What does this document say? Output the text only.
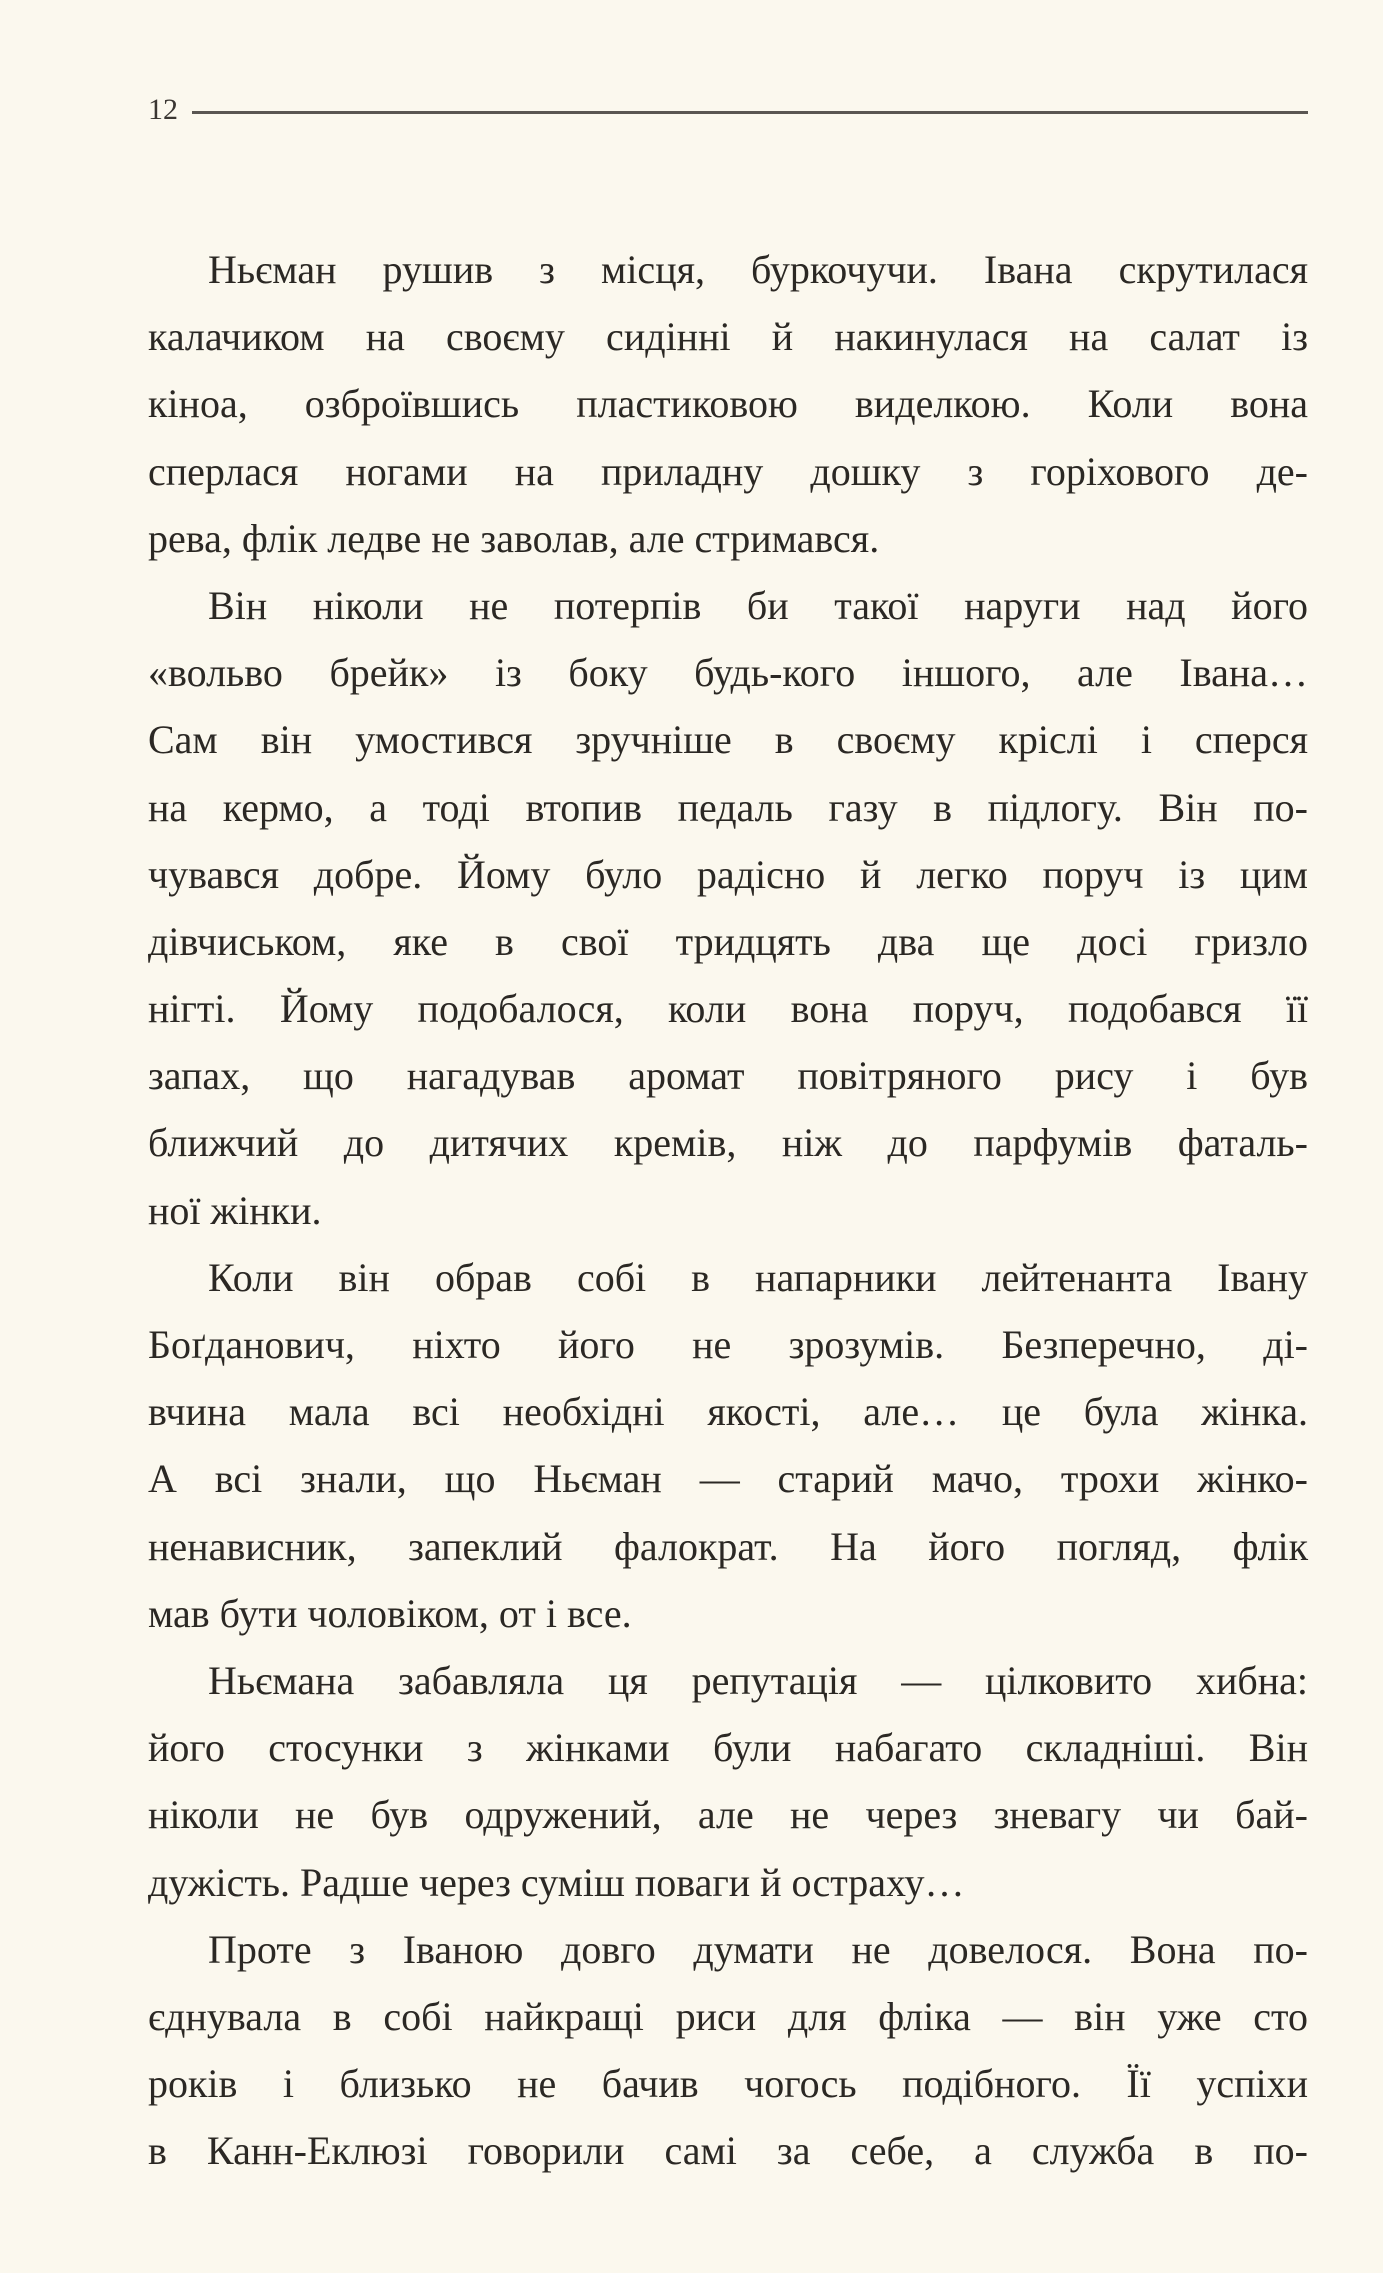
12

Ньєман рушив з місця, буркочучи. Івана скрутилася
калачиком на своєму сидінні й накинулася на салат із
кіноа, озброївшись пластиковою виделкою. Коли вона
сперлася ногами на приладну дошку з горіхового де-
рева, флік ледве не заволав, але стримався.

Він ніколи не потерпів би такої наруги над його
«вольво брейк» із боку будь-кого іншого, але Івана…
Сам він умостився зручніше в своєму кріслі і сперся
на кермо, а тоді втопив педаль газу в підлогу. Він по-
чувався добре. Йому було радісно й легко поруч із цим
дівчиськом, яке в свої тридцять два ще досі гризло
нігті. Йому подобалося, коли вона поруч, подобався її
запах, що нагадував аромат повітряного рису і був
ближчий до дитячих кремів, ніж до парфумів фаталь-
ної жінки.

Коли він обрав собі в напарники лейтенанта Івану
Боґданович, ніхто його не зрозумів. Безперечно, ді-
вчина мала всі необхідні якості, але… це була жінка.
А всі знали, що Ньєман — старий мачо, трохи жінко-
ненависник, запеклий фалократ. На його погляд, флік
мав бути чоловіком, от і все.

Ньємана забавляла ця репутація — цілковито хибна:
його стосунки з жінками були набагато складніші. Він
ніколи не був одружений, але не через зневагу чи бай-
дужість. Радше через суміш поваги й остраху…

Проте з Іваною довго думати не довелося. Вона по-
єднувала в собі найкращі риси для фліка — він уже сто
років і близько не бачив чогось подібного. Її успіхи
в Канн-Еклюзі говорили самі за себе, а служба в по-
